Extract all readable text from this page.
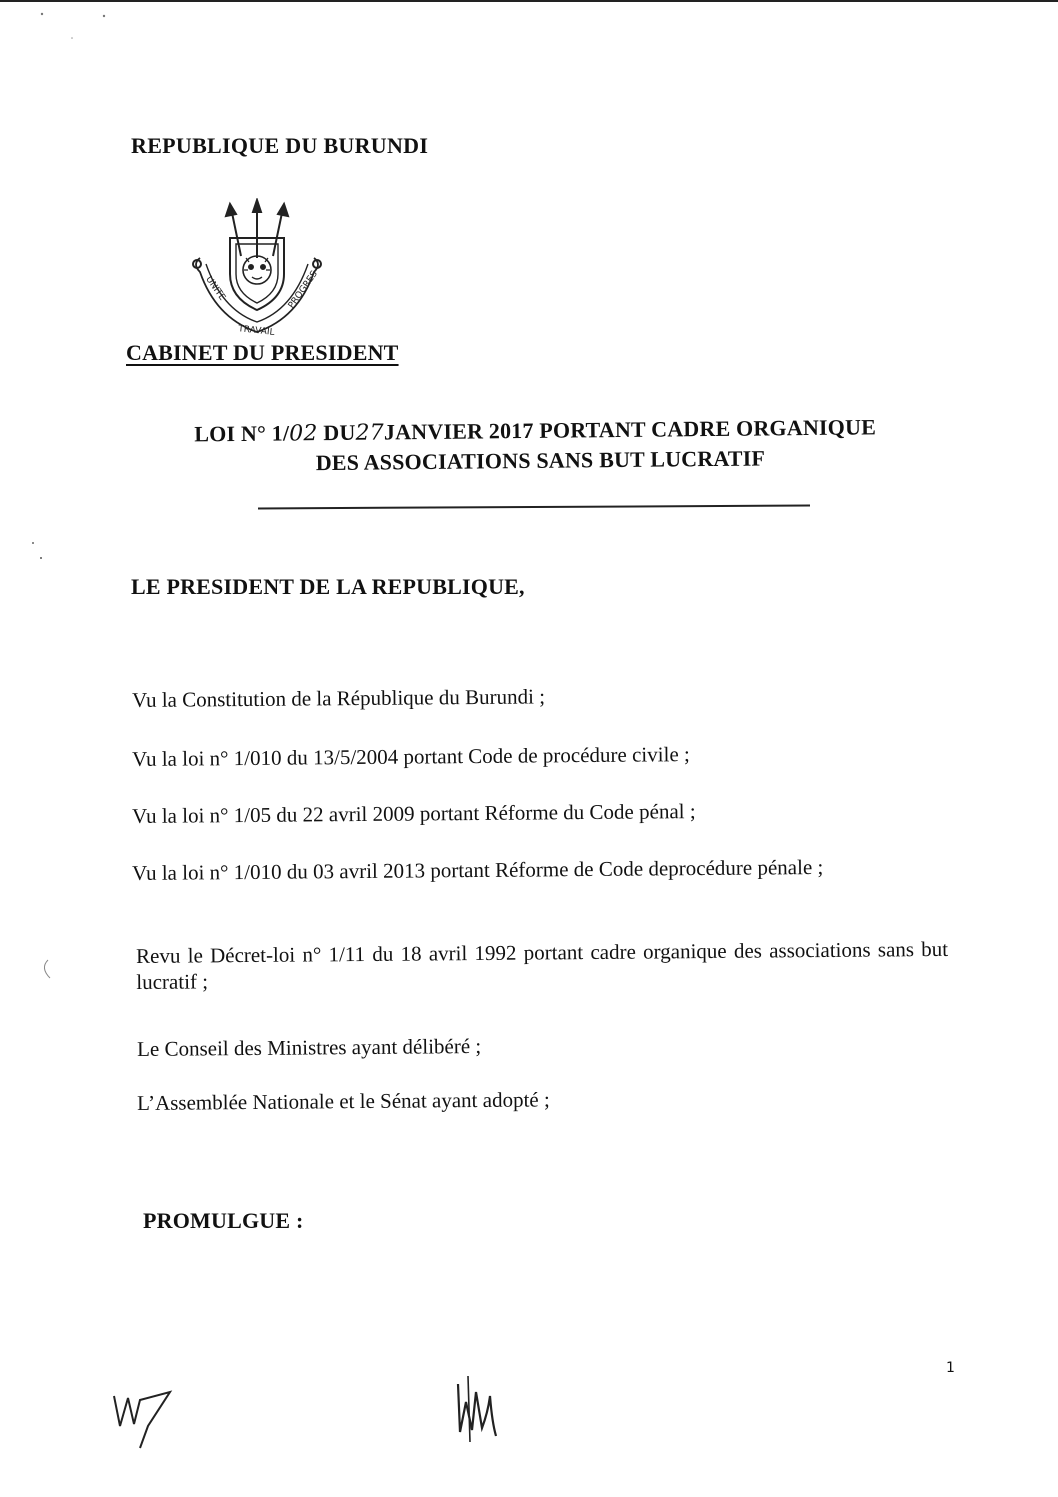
REPUBLIQUE DU BURUNDI
UNITE
TRAVAIL
PROGRES
CABINET DU PRESIDENT
LOI N° 1/02 DU27JANVIER 2017 PORTANT CADRE ORGANIQUE
DES ASSOCIATIONS SANS BUT LUCRATIF
LE PRESIDENT DE LA REPUBLIQUE,
Vu la Constitution de la République du Burundi ;
Vu la loi n° 1/010 du 13/5/2004 portant Code de procédure civile ;
Vu la loi n° 1/05 du 22 avril 2009 portant Réforme du Code pénal ;
Vu la loi n° 1/010 du 03 avril 2013 portant Réforme de Code deprocédure pénale ;
Revu le Décret-loi n° 1/11 du 18 avril 1992 portant cadre organique des associations sans but lucratif ;
Le Conseil des Ministres ayant délibéré ;
L’Assemblée Nationale et le Sénat ayant adopté ;
PROMULGUE :
1
